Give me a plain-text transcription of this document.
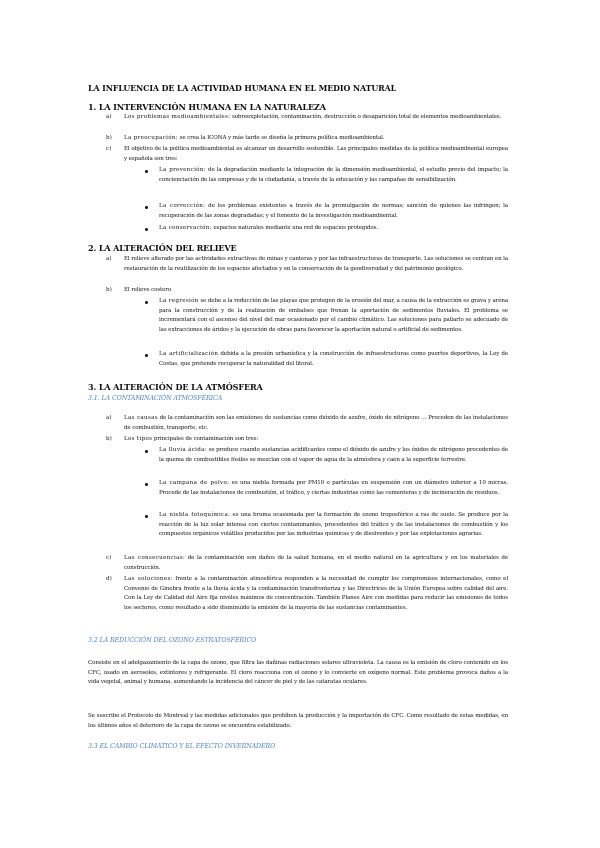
LA INFLUENCIA DE LA ACTIVIDAD HUMANA EN EL MEDIO NATURAL
1. LA INTERVENCIÓN HUMANA EN LA NATURALEZA
a) Los problemas medioambientales: sobreexplotación, contaminación, destrucción o desaparición total de elementos medioambientales.
b) La preocupación: se crea la ICONA y más tarde se diseña la primera política medioambiental.
c) El objetivo de la política medioambiental es alcanzar un desarrollo sostenible. Las principales medidas de la política medioambiental europea y española son tres:
La prevención: de la degradación mediante la integración de la dimensión medioambiental, el estudio previo del impacto; la concienciación de las empresas y de la ciudadanía, a través de la educación y las campañas de sensibilización.
La corrección: de los problemas existentes a través de la promulgación de normas; sanción de quienes las infringen; la recuperación de las zonas degradadas; y el fomento de la investigación medioambiental.
La conservación: espacios naturales mediante una red de espacios protegidos.
2. LA ALTERACIÓN DEL RELIEVE
a) El relieve alterado por las actividades extractivas de minas y canteras y por las infraestructuras de transporte. Las soluciones se centran en la restauración de la reutilización de los espacios afectados y en la conservación de la geodiversidad y del patrimonio geológico.
b) El relieve costero
La regresión se debe a la reducción de las playas que protegen de la erosión del mar, a causa de la extracción es grava y arena para la construcción y de la realización de embalses que frenan la aportación de sedimentos fluviales. El problema se incrementará con el ascenso del nivel del mar ocasionado por el cambio climático. Las soluciones para paliarlo se adecuado de las extracciones de áridos y la ejecución de obras para favorecer la aportación natural o artificial de sedimentos.
La artificialización debida a la presión urbanística y la construcción de infraestructuras como puertos deportivos, la Ley de Costas, que pretende recuperar la naturalidad del litoral.
3. LA ALTERACIÓN DE LA ATMÓSFERA
3.1. LA CONTAMINACIÓN ATMOSFÉRICA
a) Las causas de la contaminación son las emisiones de sustancias como dióxido de azufre, óxido de nitrógeno … Proceden de las instalaciones de combustión, transporte, etc.
b) Los tipos principales de contaminación son tres:
La lluvia ácida: se produce cuando sustancias acidificantes como el dióxido de azufre y los óxidos de nitrógeno procedentes de la quema de combustibles fósiles se mezclan con el vapor de agua de la atmósfera y caen a la superficie terrestre.
La campana de polvo: es una niebla formada por PM10 o partículas en suspensión con un diámetro inferior a 10 micras. Procede de las instalaciones de combustión, el tráfico, y ciertas industrias como las cementeras y de incineración de residuos.
La niebla fotoquímica: es una bruma ocasionada por la formación de ozono troposférico a ras de suelo. Se produce por la reacción de la luz solar intensa con ciertos contaminantes, procedentes del tráfico y de las instalaciones de combustión y los compuestos orgánicos volátiles producidos por las industrias químicas y de disolventes y por las explotaciones agrarias.
c) Las consecuencias: de la contaminación son daños de la salud humana, en el medio natural en la agricultura y en los materiales de construcción.
d) Las soluciones: frente a la contaminación atmosférica responden a la necesidad de cumplir los compromisos internacionales, como el Convenio de Ginebra frente a la lluvia ácida y la contaminación transfronteriza y las Directrices de la Unión Europea sobre calidad del aire. Con la Ley de Calidad del Aire fija niveles máximos de concentración. También Planes Aire con medidas para reducir las emisiones de todos los sectores, como resultado a sido disminuido la emisión de la mayoría de las sustancias contaminantes.
3.2 LA REDUCCIÓN DEL OZONO ESTRATOSFÉRICO
Consiste en el adelgazamiento de la capa de ozono, que filtra las dañinas radiaciones solares ultravioleta. La causa es la emisión de cloro contenido en los CFC, usado en aerosoles, extintores y refrigerante. El cloro reacciona con el ozono y lo convierte en oxígeno normal. Este problema provoca daños a la vida vegetal, animal y humana, aumentando la incidencia del cáncer de piel y de las cataratas oculares.
Se suscribe el Protocolo de Montreal y las medidas adicionales que prohíben la producción y la importación de CFC. Como resultado de estas medidas, en los últimos años el deterioro de la capa de ozono se encuentra estabilizado.
3.3 EL CAMBIO CLIMÁTICO Y EL EFECTO INVERNADERO
